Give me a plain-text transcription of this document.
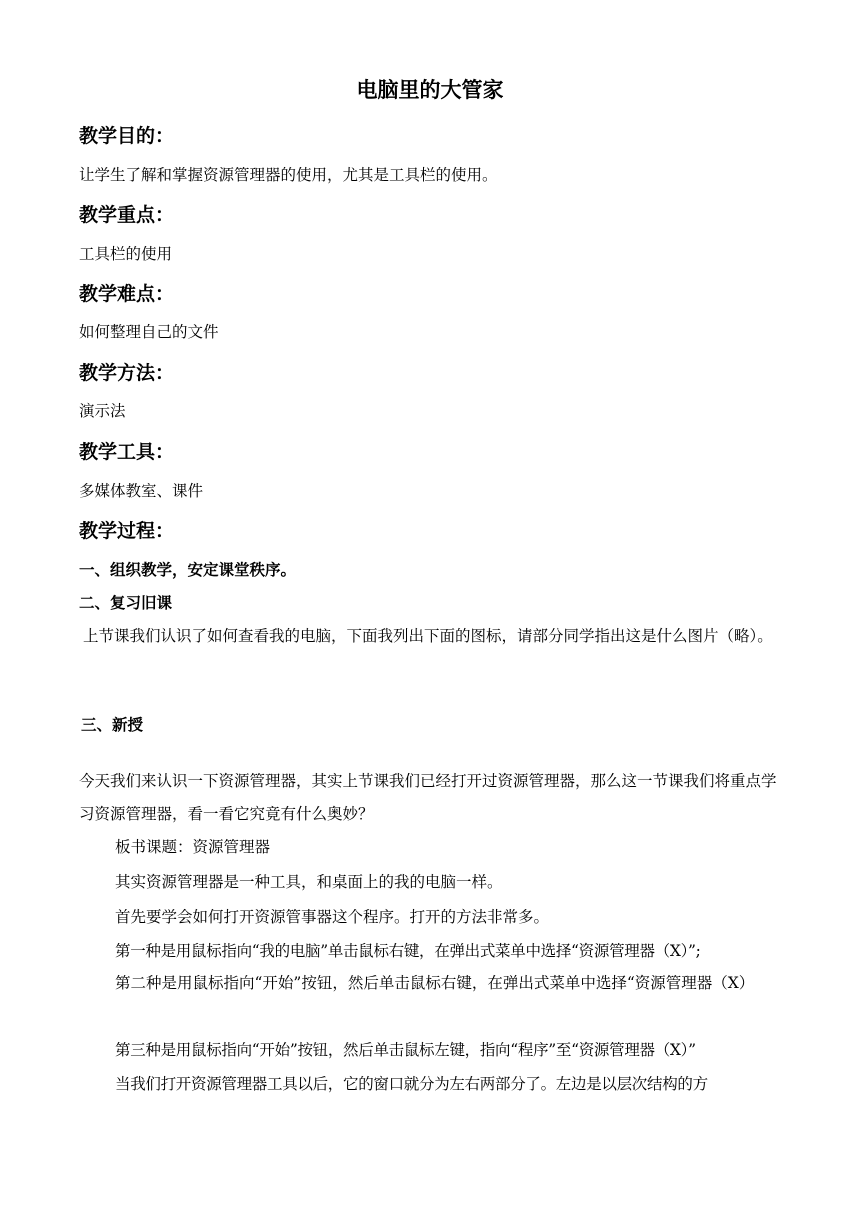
电脑里的大管家
教学目的：
让学生了解和掌握资源管理器的使用，尤其是工具栏的使用。
教学重点：
工具栏的使用
教学难点：
如何整理自己的文件
教学方法：
演示法
教学工具：
多媒体教室、课件
教学过程：
一、组织教学，安定课堂秩序。
二、复习旧课
上节课我们认识了如何查看我的电脑，下面我列出下面的图标，请部分同学指出这是什么图片（略）。
三、新授
今天我们来认识一下资源管理器，其实上节课我们已经打开过资源管理器，那么这一节课我们将重点学习资源管理器，看一看它究竟有什么奥妙？
板书课题：资源管理器
其实资源管理器是一种工具，和桌面上的我的电脑一样。
首先要学会如何打开资源管事器这个程序。打开的方法非常多。
第一种是用鼠标指向“我的电脑”单击鼠标右键，在弹出式菜单中选择“资源管理器（X）”;
第二种是用鼠标指向“开始”按钮，然后单击鼠标右键，在弹出式菜单中选择“资源管理器（X）
第三种是用鼠标指向“开始”按钮，然后单击鼠标左键，指向“程序”至“资源管理器（X）”
当我们打开资源管理器工具以后，它的窗口就分为左右两部分了。左边是以层次结构的方
